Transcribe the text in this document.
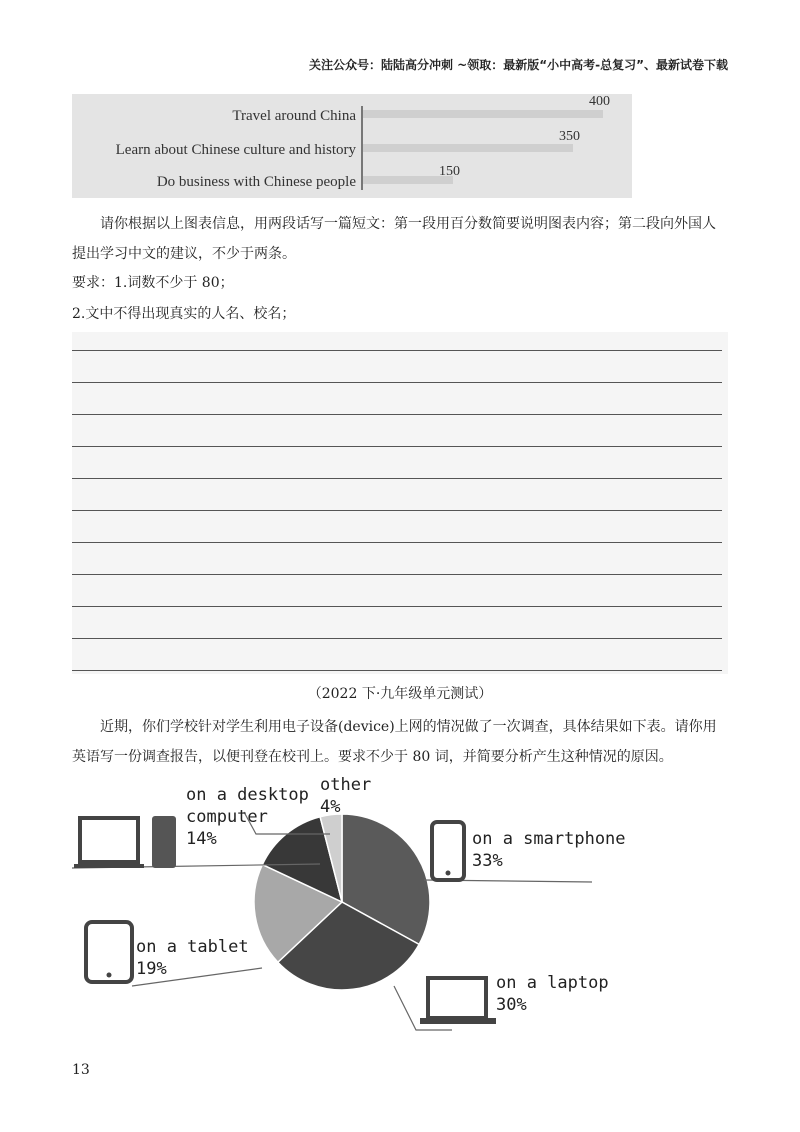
关注公众号：陆陆高分冲刺 ~领取：最新版“小中高考-总复习”、最新试卷下载
Travel around China
Learn about Chinese culture and history
Do business with Chinese people
400
350
150
请你根据以上图表信息，用两段话写一篇短文：第一段用百分数简要说明图表内容；第二段向外国人提出学习中文的建议，不少于两条。
要求：1.词数不少于 80；
2.文中不得出现真实的人名、校名；
（2022 下·九年级单元测试）
近期，你们学校针对学生利用电子设备(device)上网的情况做了一次调查，具体结果如下表。请你用英语写一份调查报告，以便刊登在校刊上。要求不少于 80 词，并简要分析产生这种情况的原因。
on a desktop
computer
14%
other
4%
on a smartphone
33%
on a tablet
19%
on a laptop
30%
13
